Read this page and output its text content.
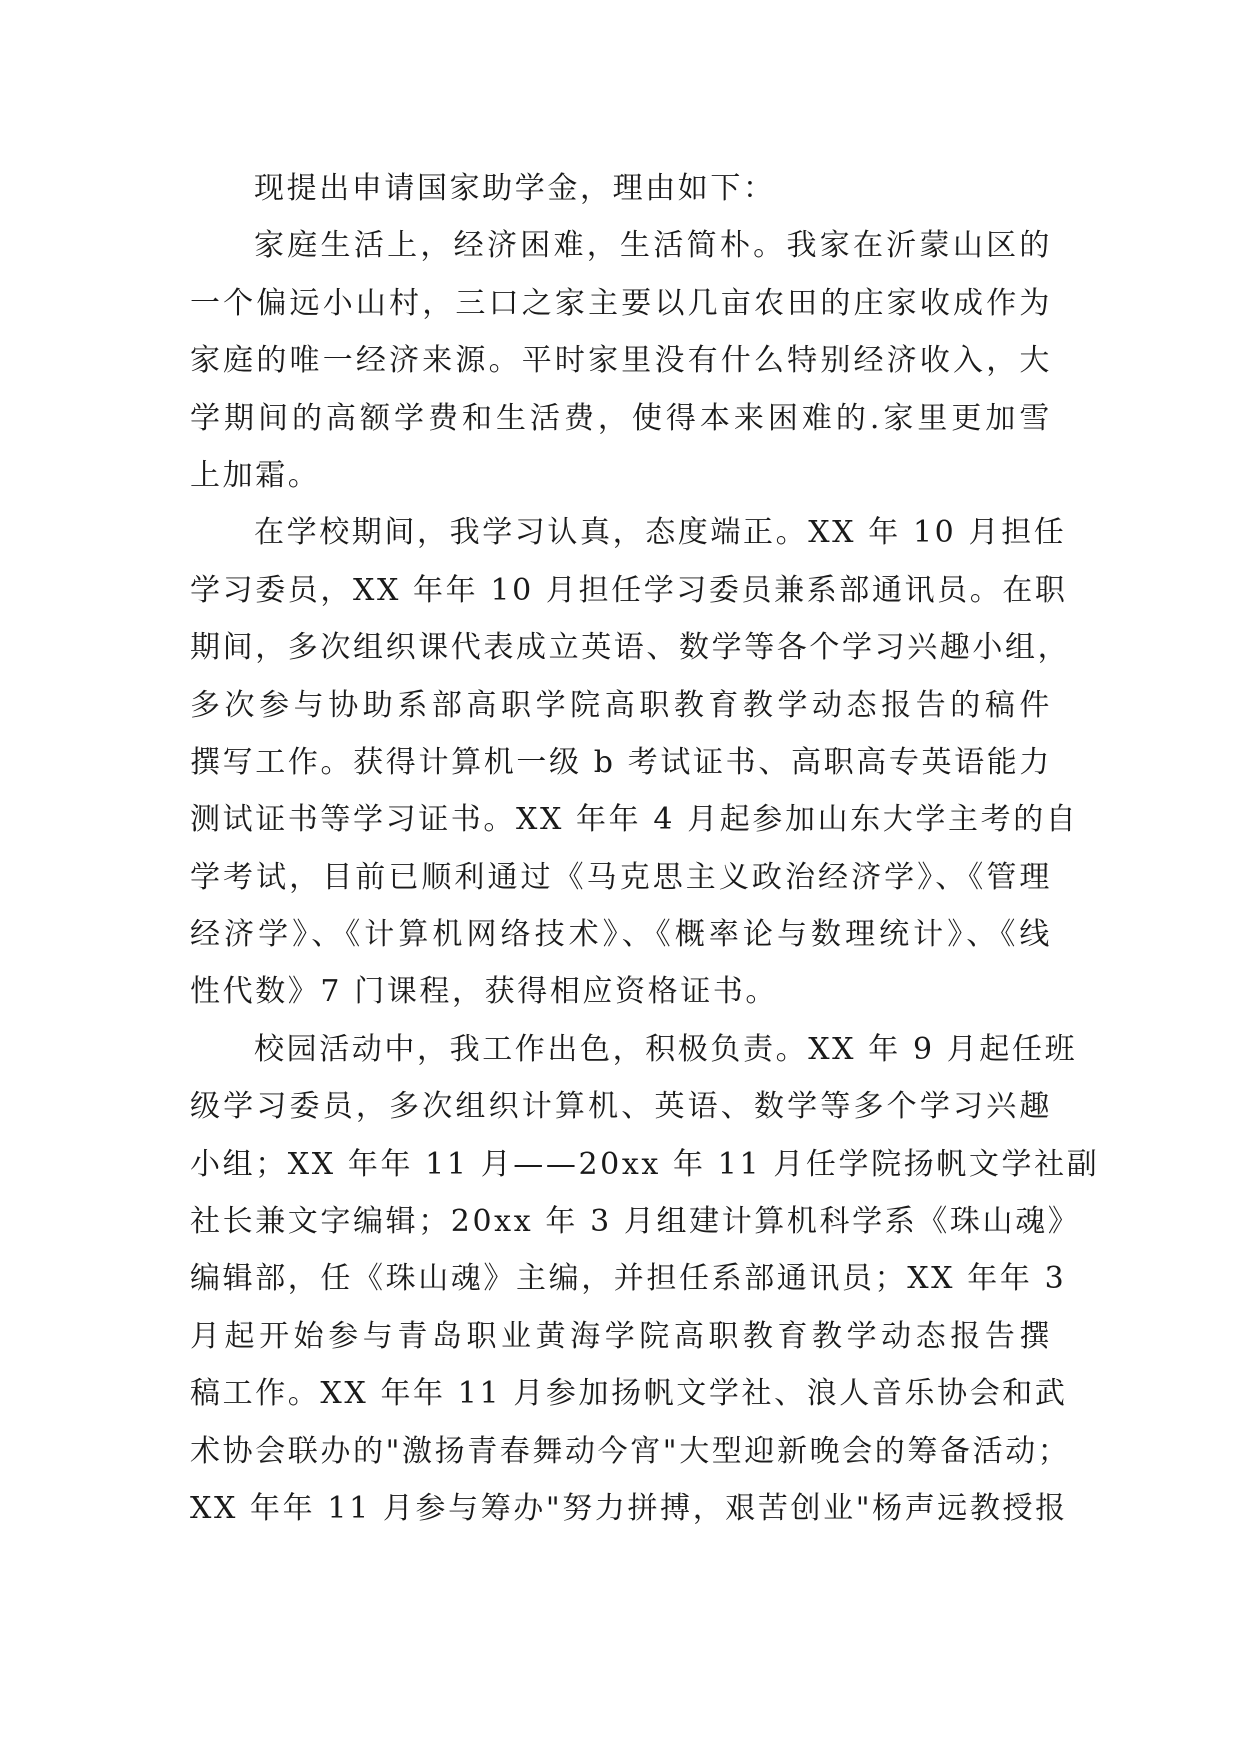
现提出申请国家助学金，理由如下：
家庭生活上，经济困难，生活简朴。我家在沂蒙山区的
一个偏远小山村，三口之家主要以几亩农田的庄家收成作为
家庭的唯一经济来源。平时家里没有什么特别经济收入，大
学期间的高额学费和生活费，使得本来困难的.家里更加雪
上加霜。
在学校期间，我学习认真，态度端正。XX 年 10 月担任
学习委员，XX 年年 10 月担任学习委员兼系部通讯员。在职
期间，多次组织课代表成立英语、数学等各个学习兴趣小组，
多次参与协助系部高职学院高职教育教学动态报告的稿件
撰写工作。获得计算机一级 b 考试证书、高职高专英语能力
测试证书等学习证书。XX 年年 4 月起参加山东大学主考的自
学考试，目前已顺利通过《马克思主义政治经济学》、《管理
经济学》、《计算机网络技术》、《概率论与数理统计》、《线
性代数》7 门课程，获得相应资格证书。
校园活动中，我工作出色，积极负责。XX 年 9 月起任班
级学习委员，多次组织计算机、英语、数学等多个学习兴趣
小组；XX 年年 11 月——20xx 年 11 月任学院扬帆文学社副
社长兼文字编辑；20xx 年 3 月组建计算机科学系《珠山魂》
编辑部，任《珠山魂》主编，并担任系部通讯员；XX 年年 3
月起开始参与青岛职业黄海学院高职教育教学动态报告撰
稿工作。XX 年年 11 月参加扬帆文学社、浪人音乐协会和武
术协会联办的"激扬青春舞动今宵"大型迎新晚会的筹备活动；
XX 年年 11 月参与筹办"努力拼搏，艰苦创业"杨声远教授报
